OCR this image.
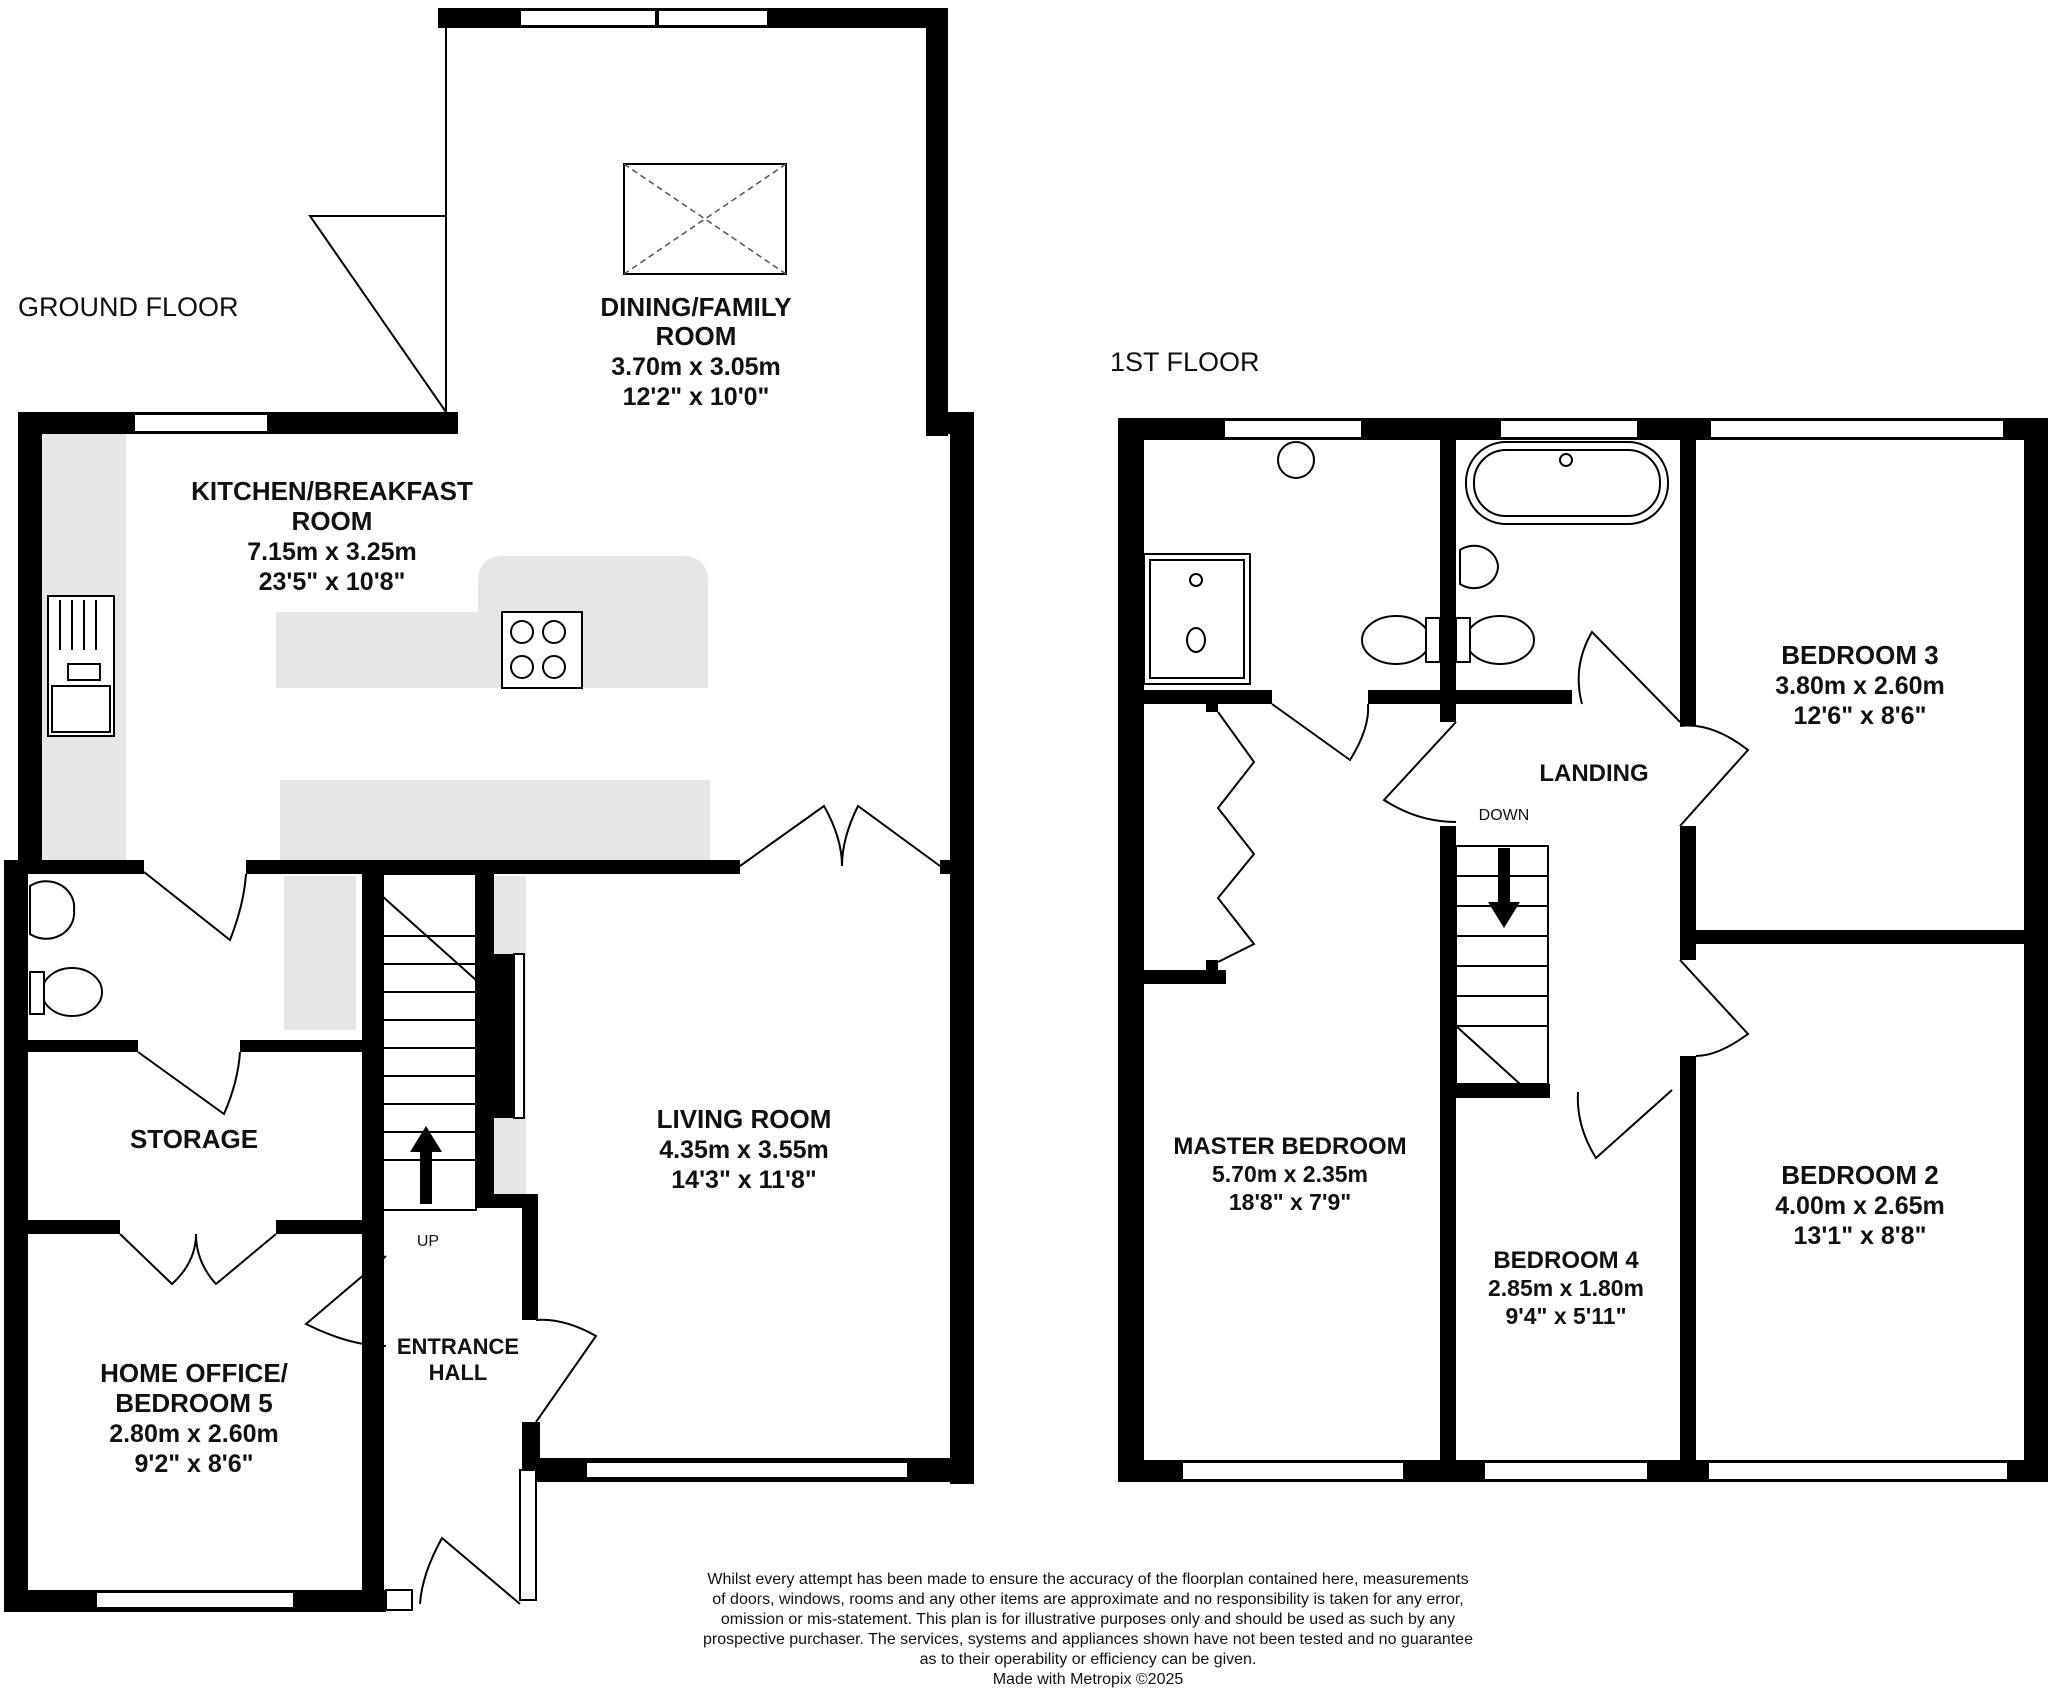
GROUND FLOOR
1ST FLOOR
DINING/FAMILY
ROOM
3.70m x 3.05m
12'2" x 10'0"
KITCHEN/BREAKFAST
ROOM
7.15m x 3.25m
23'5" x 10'8"
STORAGE
LIVING ROOM
4.35m x 3.55m
14'3" x 11'8"
HOME OFFICE/
BEDROOM 5
2.80m x 2.60m
9'2" x 8'6"
ENTRANCE
HALL
UP
LANDING
DOWN
BEDROOM 3
3.80m x 2.60m
12'6" x 8'6"
MASTER BEDROOM
5.70m x 2.35m
18'8" x 7'9"
BEDROOM 4
2.85m x 1.80m
9'4" x 5'11"
BEDROOM 2
4.00m x 2.65m
13'1" x 8'8"
Whilst every attempt has been made to ensure the accuracy of the floorplan contained here, measurements
of doors, windows, rooms and any other items are approximate and no responsibility is taken for any error,
omission or mis-statement. This plan is for illustrative purposes only and should be used as such by any
prospective purchaser. The services, systems and appliances shown have not been tested and no guarantee
as to their operability or efficiency can be given.
Made with Metropix ©2025
